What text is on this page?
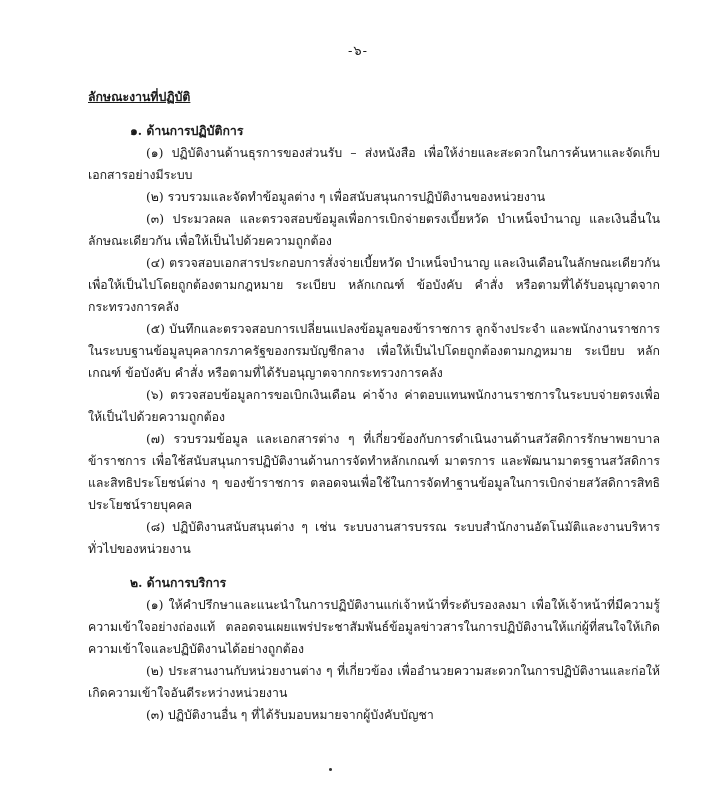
-๖-
ลักษณะงานที่ปฏิบัติ
๑. ด้านการปฏิบัติการ
(๑) ปฏิบัติงานด้านธุรการของส่วนรับ – ส่งหนังสือ เพื่อให้ง่ายและสะดวกในการค้นหาและจัดเก็บเอกสารอย่างมีระบบ
(๒) รวบรวมและจัดทำข้อมูลต่าง ๆ เพื่อสนับสนุนการปฏิบัติงานของหน่วยงาน
(๓) ประมวลผล และตรวจสอบข้อมูลเพื่อการเบิกจ่ายตรงเบี้ยหวัด บำเหน็จบำนาญ และเงินอื่นในลักษณะเดียวกัน เพื่อให้เป็นไปด้วยความถูกต้อง
(๔) ตรวจสอบเอกสารประกอบการสั่งจ่ายเบี้ยหวัด บำเหน็จบำนาญ และเงินเดือนในลักษณะเดียวกัน เพื่อให้เป็นไปโดยถูกต้องตามกฎหมาย ระเบียบ หลักเกณฑ์ ข้อบังคับ คำสั่ง หรือตามที่ได้รับอนุญาตจากกระทรวงการคลัง
(๕) บันทึกและตรวจสอบการเปลี่ยนแปลงข้อมูลของข้าราชการ ลูกจ้างประจำ และพนักงานราชการในระบบฐานข้อมูลบุคลากรภาครัฐของกรมบัญชีกลาง เพื่อให้เป็นไปโดยถูกต้องตามกฎหมาย ระเบียบ หลักเกณฑ์ ข้อบังคับ คำสั่ง หรือตามที่ได้รับอนุญาตจากกระทรวงการคลัง
(๖) ตรวจสอบข้อมูลการขอเบิกเงินเดือน ค่าจ้าง ค่าตอบแทนพนักงานราชการในระบบจ่ายตรงเพื่อให้เป็นไปด้วยความถูกต้อง
(๗) รวบรวมข้อมูล และเอกสารต่าง ๆ ที่เกี่ยวข้องกับการดำเนินงานด้านสวัสดิการรักษาพยาบาลข้าราชการ เพื่อใช้สนับสนุนการปฏิบัติงานด้านการจัดทำหลักเกณฑ์ มาตรการ และพัฒนามาตรฐานสวัสดิการและสิทธิประโยชน์ต่าง ๆ ของข้าราชการ ตลอดจนเพื่อใช้ในการจัดทำฐานข้อมูลในการเบิกจ่ายสวัสดิการสิทธิประโยชน์รายบุคคล
(๘) ปฏิบัติงานสนับสนุนต่าง ๆ เช่น ระบบงานสารบรรณ ระบบสำนักงานอัตโนมัติและงานบริหารทั่วไปของหน่วยงาน
๒. ด้านการบริการ
(๑) ให้คำปรึกษาและแนะนำในการปฏิบัติงานแก่เจ้าหน้าที่ระดับรองลงมา เพื่อให้เจ้าหน้าที่มีความรู้ความเข้าใจอย่างถ่องแท้ ตลอดจนเผยแพร่ประชาสัมพันธ์ข้อมูลข่าวสารในการปฏิบัติงานให้แก่ผู้ที่สนใจให้เกิดความเข้าใจและปฏิบัติงานได้อย่างถูกต้อง
(๒) ประสานงานกับหน่วยงานต่าง ๆ ที่เกี่ยวข้อง เพื่ออำนวยความสะดวกในการปฏิบัติงานและก่อให้เกิดความเข้าใจอันดีระหว่างหน่วยงาน
(๓) ปฏิบัติงานอื่น ๆ ที่ได้รับมอบหมายจากผู้บังคับบัญชา
